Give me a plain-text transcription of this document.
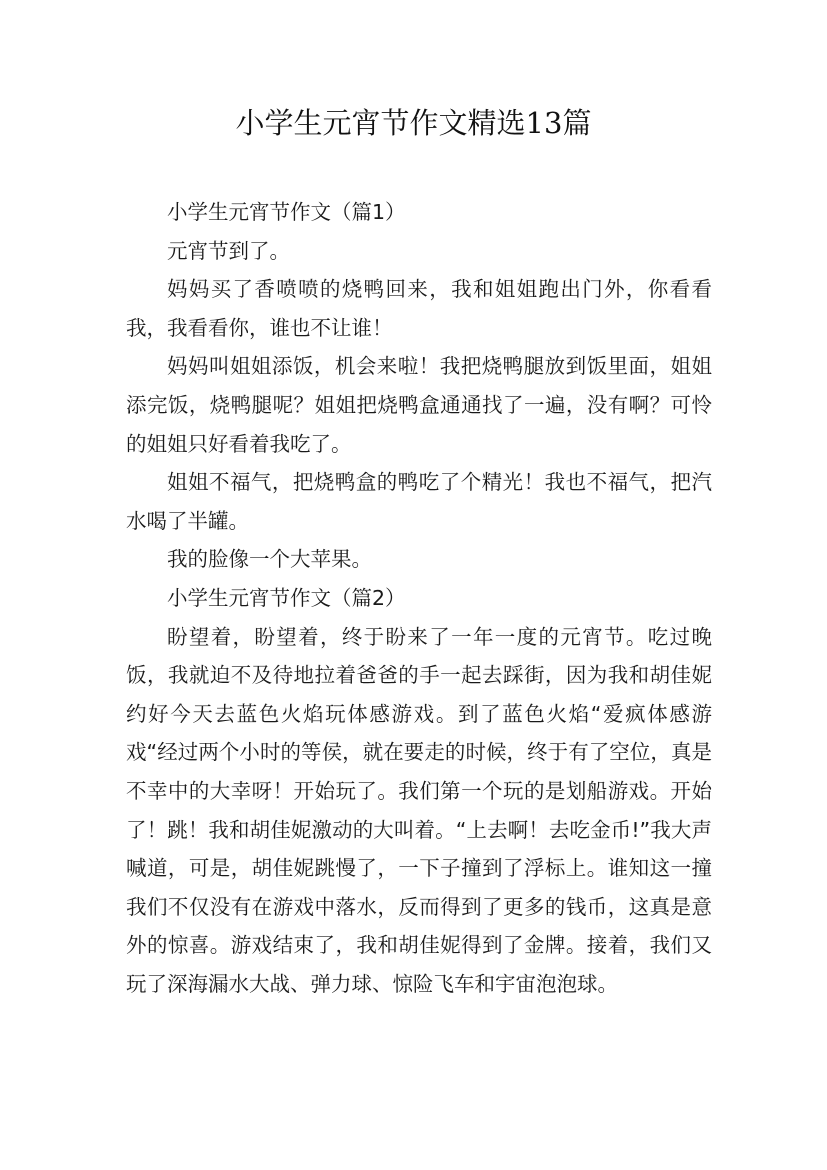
小学生元宵节作文精选13篇

小学生元宵节作文（篇1）

元宵节到了。

妈妈买了香喷喷的烧鸭回来，我和姐姐跑出门外，你看看我，我看看你，谁也不让谁！

妈妈叫姐姐添饭，机会来啦！我把烧鸭腿放到饭里面，姐姐添完饭，烧鸭腿呢？姐姐把烧鸭盒通通找了一遍，没有啊？可怜的姐姐只好看着我吃了。

姐姐不福气，把烧鸭盒的鸭吃了个精光！我也不福气，把汽水喝了半罐。

我的脸像一个大苹果。

小学生元宵节作文（篇2）

盼望着，盼望着，终于盼来了一年一度的元宵节。吃过晚饭，我就迫不及待地拉着爸爸的手一起去踩街，因为我和胡佳妮约好今天去蓝色火焰玩体感游戏。到了蓝色火焰“爱疯体感游戏“经过两个小时的等侯，就在要走的时候，终于有了空位，真是不幸中的大幸呀！开始玩了。我们第一个玩的是划船游戏。开始了！跳！我和胡佳妮激动的大叫着。“上去啊！去吃金币!”我大声喊道，可是，胡佳妮跳慢了，一下子撞到了浮标上。谁知这一撞我们不仅没有在游戏中落水，反而得到了更多的钱币，这真是意外的惊喜。游戏结束了，我和胡佳妮得到了金牌。接着，我们又玩了深海漏水大战、弹力球、惊险飞车和宇宙泡泡球。
